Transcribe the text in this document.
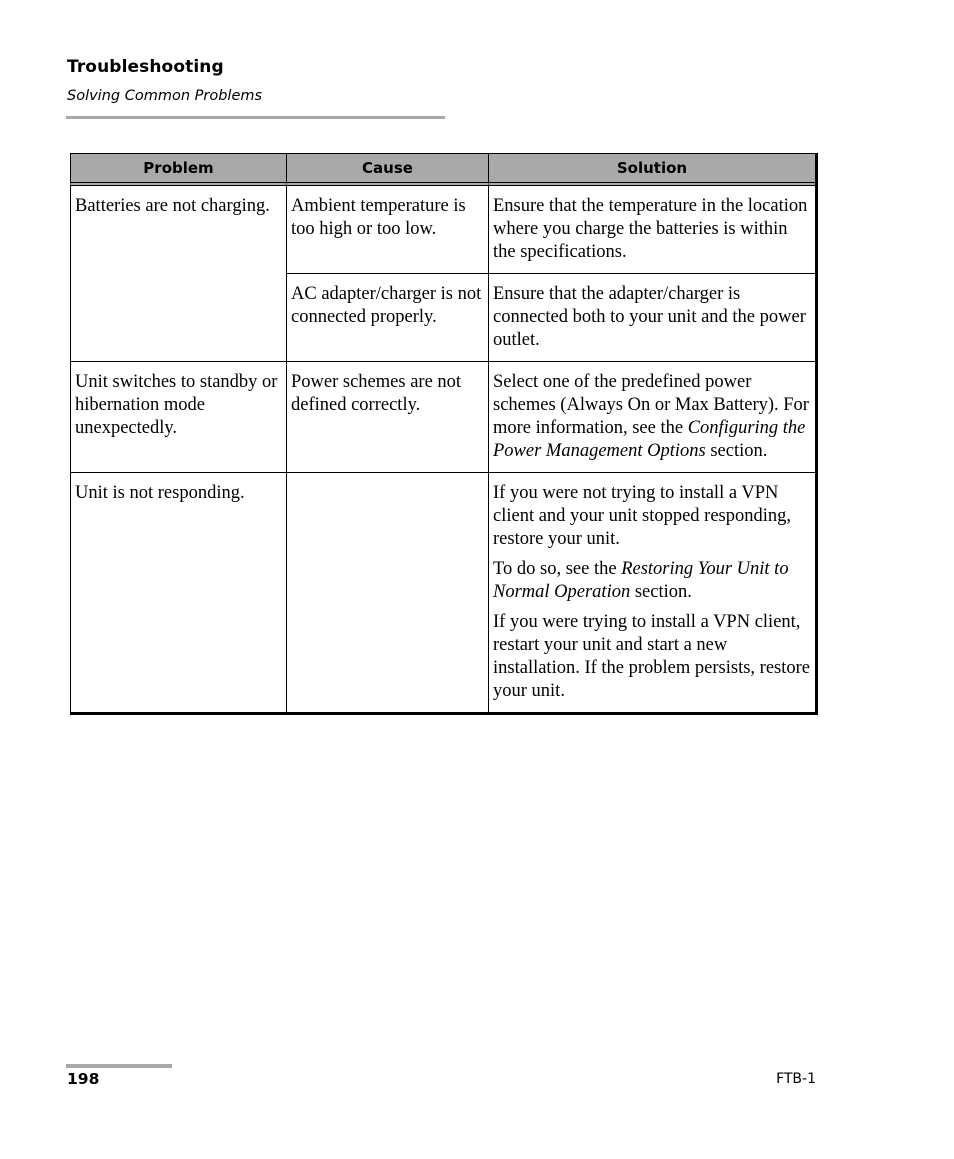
Troubleshooting
Solving Common Problems
Problem	Cause	Solution
Batteries are not charging.	Ambient temperature is too high or too low.	Ensure that the temperature in the location where you charge the batteries is within the specifications.
	AC adapter/charger is not connected properly.	Ensure that the adapter/charger is connected both to your unit and the power outlet.
Unit switches to standby or hibernation mode unexpectedly.	Power schemes are not defined correctly.	Select one of the predefined power schemes (Always On or Max Battery). For more information, see the Configuring the Power Management Options section.
Unit is not responding.		If you were not trying to install a VPN client and your unit stopped responding, restore your unit.

To do so, see the Restoring Your Unit to Normal Operation section.

If you were trying to install a VPN client, restart your unit and start a new installation. If the problem persists, restore your unit.

198	FTB-1
